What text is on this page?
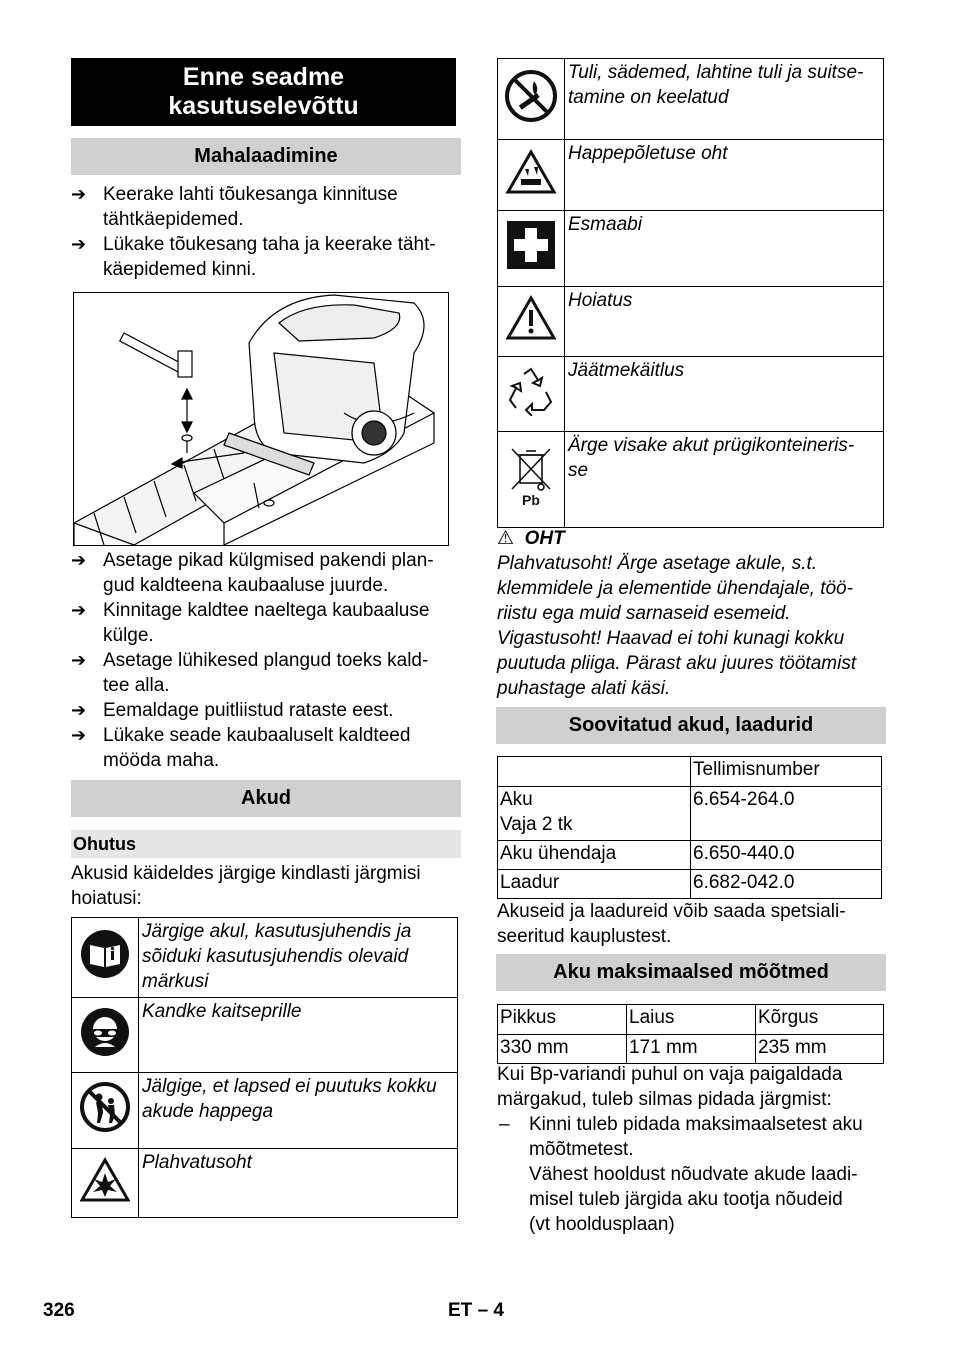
Enne seadme
kasutuselevõttu
Mahalaadimine
➔ Keerake lahti tõukesanga kinnituse
tähtkäepidemed.
➔ Lükake tõukesang taha ja keerake täht-
käepidemed kinni.
➔ Asetage pikad külgmised pakendi plan-
gud kaldteena kaubaaluse juurde.
➔ Kinnitage kaldtee naeltega kaubaaluse
külge.
➔ Asetage lühikesed plangud toeks kald-
tee alla.
➔ Eemaldage puitliistud rataste eest.
➔ Lükake seade kaubaaluselt kaldteed
mööda maha.
Akud
Ohutus
Akusid käideldes järgige kindlasti järgmisi
hoiatusi:

Järgige akul, kasutusjuhendis ja
sõiduki kasutusjuhendis olevaid
märkusi

Kandke kaitseprille

Jälgige, et lapsed ei puutuks kokku
akude happega

Plahvatusoht

Tuli, sädemed, lahtine tuli ja suitse-
tamine on keelatud

Happepõletuse oht

Esmaabi

Hoiatus

Jäätmekäitlus

Pb	Ärge visake akut prügikonteineris-
se
⚠ OHT
Plahvatusoht! Ärge asetage akule, s.t.
klemmidele ja elementide ühendajale, töö-
riistu ega muid sarnaseid esemeid.
Vigastusoht! Haavad ei tohi kunagi kokku
puutuda pliiga. Pärast aku juures töötamist
puhastage alati käsi.
Soovitatud akud, laadurid
	Tellimisnumber

Aku
Vaja 2 tk	6.654-264.0
Aku ühendaja	6.650-440.0
Laadur	6.682-042.0
Akuseid ja laadureid võib saada spetsiali-
seeritud kauplustest.
Aku maksimaalsed mõõtmed
Pikkus	Laius	Kõrgus
330 mm	171 mm	235 mm
Kui Bp-variandi puhul on vaja paigaldada
märgakud, tuleb silmas pidada järgmist:
– Kinni tuleb pidada maksimaalsetest aku
mõõtmetest.
Vähest hooldust nõudvate akude laadi-
misel tuleb järgida aku tootja nõudeid
(vt hooldusplaan)
326	ET – 4
